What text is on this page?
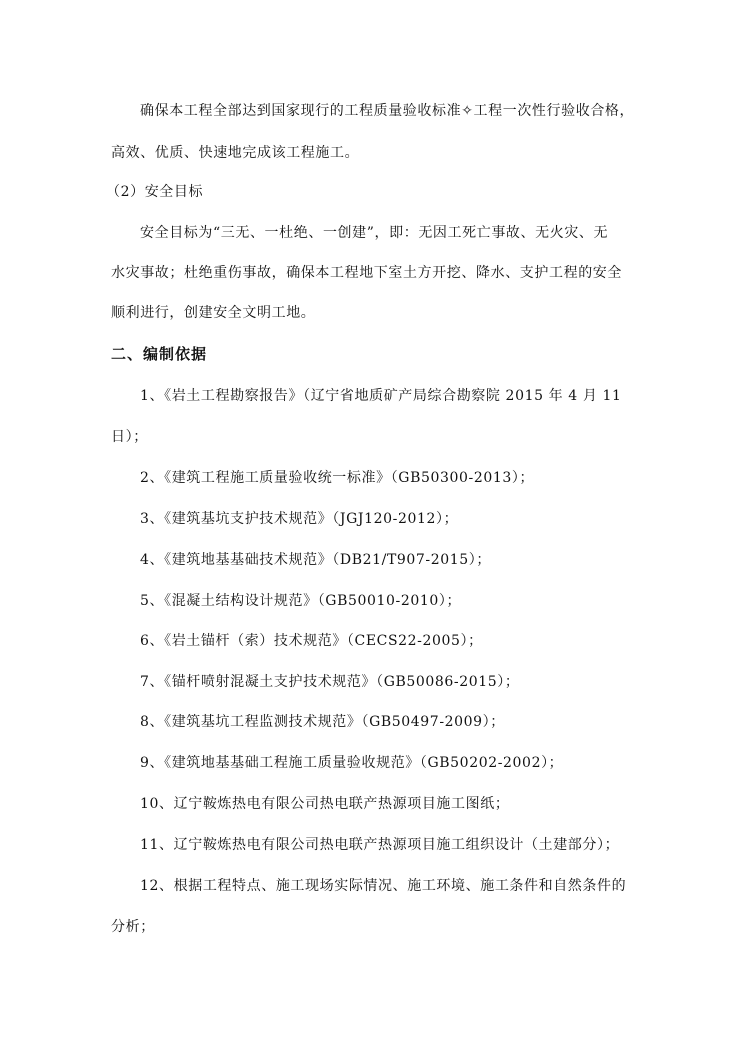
确保本工程全部达到国家现行的工程质量验收标准✧工程一次性行验收合格，
高效、优质、快速地完成该工程施工。
（2）安全目标
安全目标为“三无、一杜绝、一创建”，即：无因工死亡事故、无火灾、无
水灾事故；杜绝重伤事故，确保本工程地下室土方开挖、降水、支护工程的安全
顺利进行，创建安全文明工地。
二、编制依据
1、《岩土工程勘察报告》（辽宁省地质矿产局综合勘察院 2015 年 4 月 11
日）；
2、《建筑工程施工质量验收统一标准》（GB50300-2013）；
3、《建筑基坑支护技术规范》（JGJ120-2012）；
4、《建筑地基基础技术规范》（DB21/T907-2015）；
5、《混凝土结构设计规范》（GB50010-2010）；
6、《岩土锚杆（索）技术规范》（CECS22-2005）；
7、《锚杆喷射混凝土支护技术规范》（GB50086-2015）；
8、《建筑基坑工程监测技术规范》（GB50497-2009）；
9、《建筑地基基础工程施工质量验收规范》（GB50202-2002）；
10、辽宁鞍炼热电有限公司热电联产热源项目施工图纸；
11、辽宁鞍炼热电有限公司热电联产热源项目施工组织设计（土建部分）；
12、根据工程特点、施工现场实际情况、施工环境、施工条件和自然条件的
分析；
